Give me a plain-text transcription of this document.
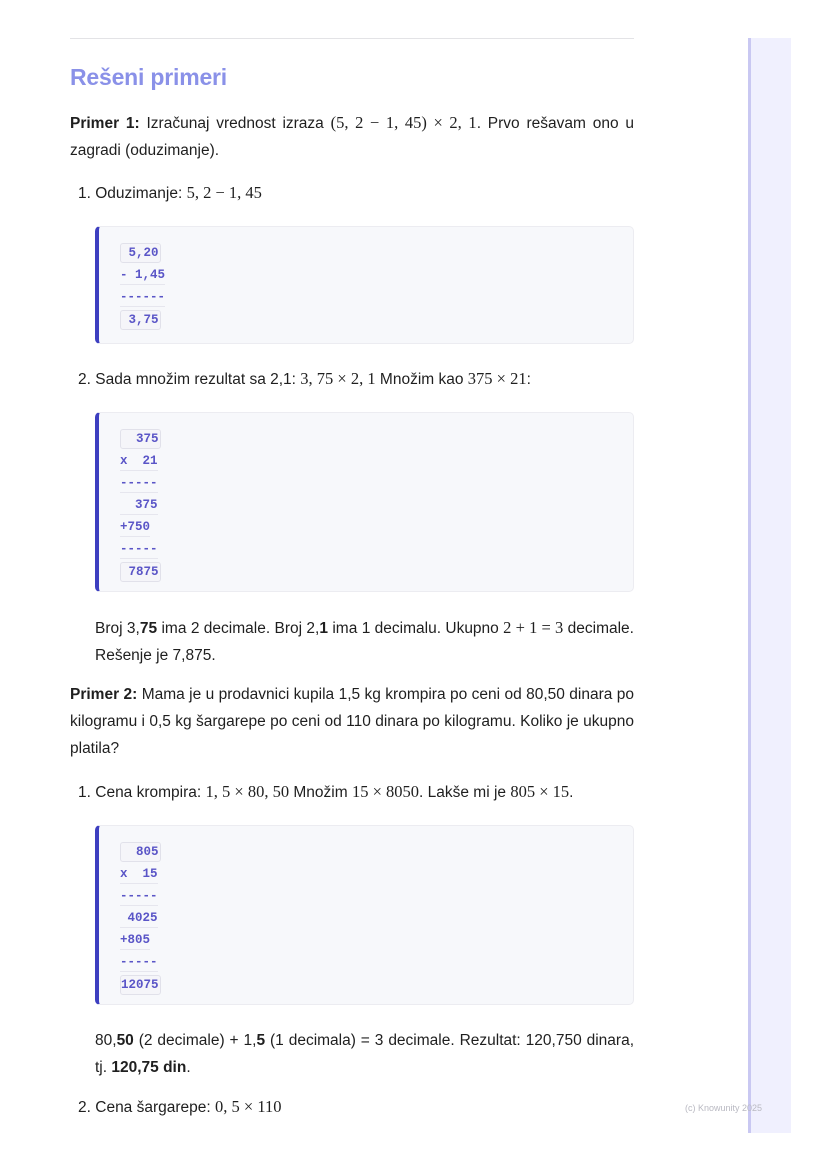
Rešeni primeri

Primer 1: Izračunaj vrednost izraza (5, 2 − 1, 45) × 2, 1. Prvo rešavam ono u zagradi (oduzimanje).

1. Oduzimanje: 5, 2 − 1, 45
5,20
- 1,45
------
3,75
2. Sada množim rezultat sa 2,1: 3, 75 × 2, 1 Množim kao 375 × 21:
375
x  21
-----
375
+750
-----
7875

Broj 3,75 ima 2 decimale. Broj 2,1 ima 1 decimalu. Ukupno 2 + 1 = 3 decimale. Rešenje je 7,875.

Primer 2: Mama je u prodavnici kupila 1,5 kg krompira po ceni od 80,50 dinara po kilogramu i 0,5 kg šargarepe po ceni od 110 dinara po kilogramu. Koliko je ukupno platila?

1. Cena krompira: 1, 5 × 80, 50 Množim 15 × 8050. Lakše mi je 805 × 15.
805
x  15
-----
4025
+805
-----
12075

80,50 (2 decimale) + 1,5 (1 decimala) = 3 decimale. Rezultat: 120,750 dinara, tj. 120,75 din.

2. Cena šargarepe: 0, 5 × 110	(c) Knowunity 2025
